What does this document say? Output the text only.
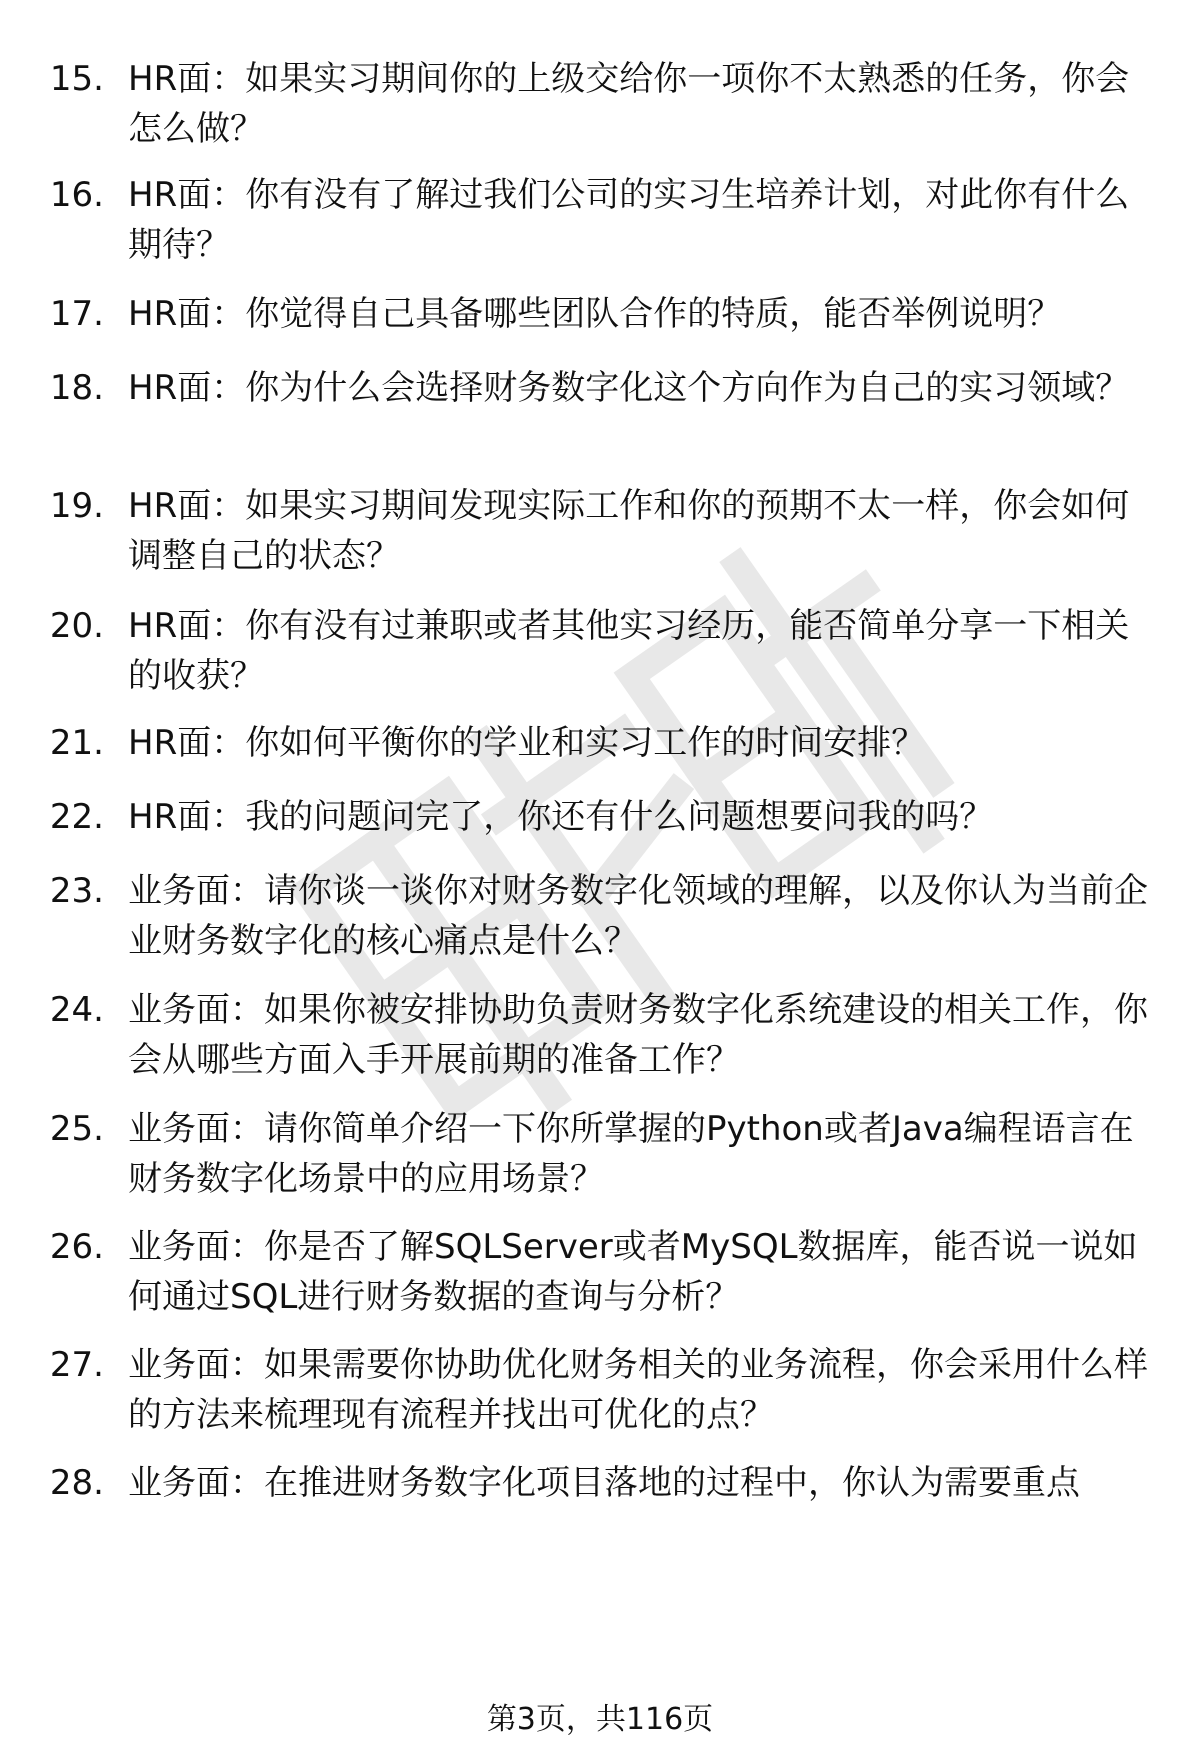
15. HR面：如果实习期间你的上级交给你一项你不太熟悉的任务，你会怎么做？
16. HR面：你有没有了解过我们公司的实习生培养计划，对此你有什么期待？
17. HR面：你觉得自己具备哪些团队合作的特质，能否举例说明？
18. HR面：你为什么会选择财务数字化这个方向作为自己的实习领域？
19. HR面：如果实习期间发现实际工作和你的预期不太一样，你会如何调整自己的状态？
20. HR面：你有没有过兼职或者其他实习经历，能否简单分享一下相关的收获？
21. HR面：你如何平衡你的学业和实习工作的时间安排？
22. HR面：我的问题问完了，你还有什么问题想要问我的吗？
23. 业务面：请你谈一谈你对财务数字化领域的理解，以及你认为当前企业财务数字化的核心痛点是什么？
24. 业务面：如果你被安排协助负责财务数字化系统建设的相关工作，你会从哪些方面入手开展前期的准备工作？
25. 业务面：请你简单介绍一下你所掌握的Python或者Java编程语言在财务数字化场景中的应用场景？
26. 业务面：你是否了解SQLServer或者MySQL数据库，能否说一说如何通过SQL进行财务数据的查询与分析？
27. 业务面：如果需要你协助优化财务相关的业务流程，你会采用什么样的方法来梳理现有流程并找出可优化的点？
28. 业务面：在推进财务数字化项目落地的过程中，你认为需要重点
第3页，共116页
